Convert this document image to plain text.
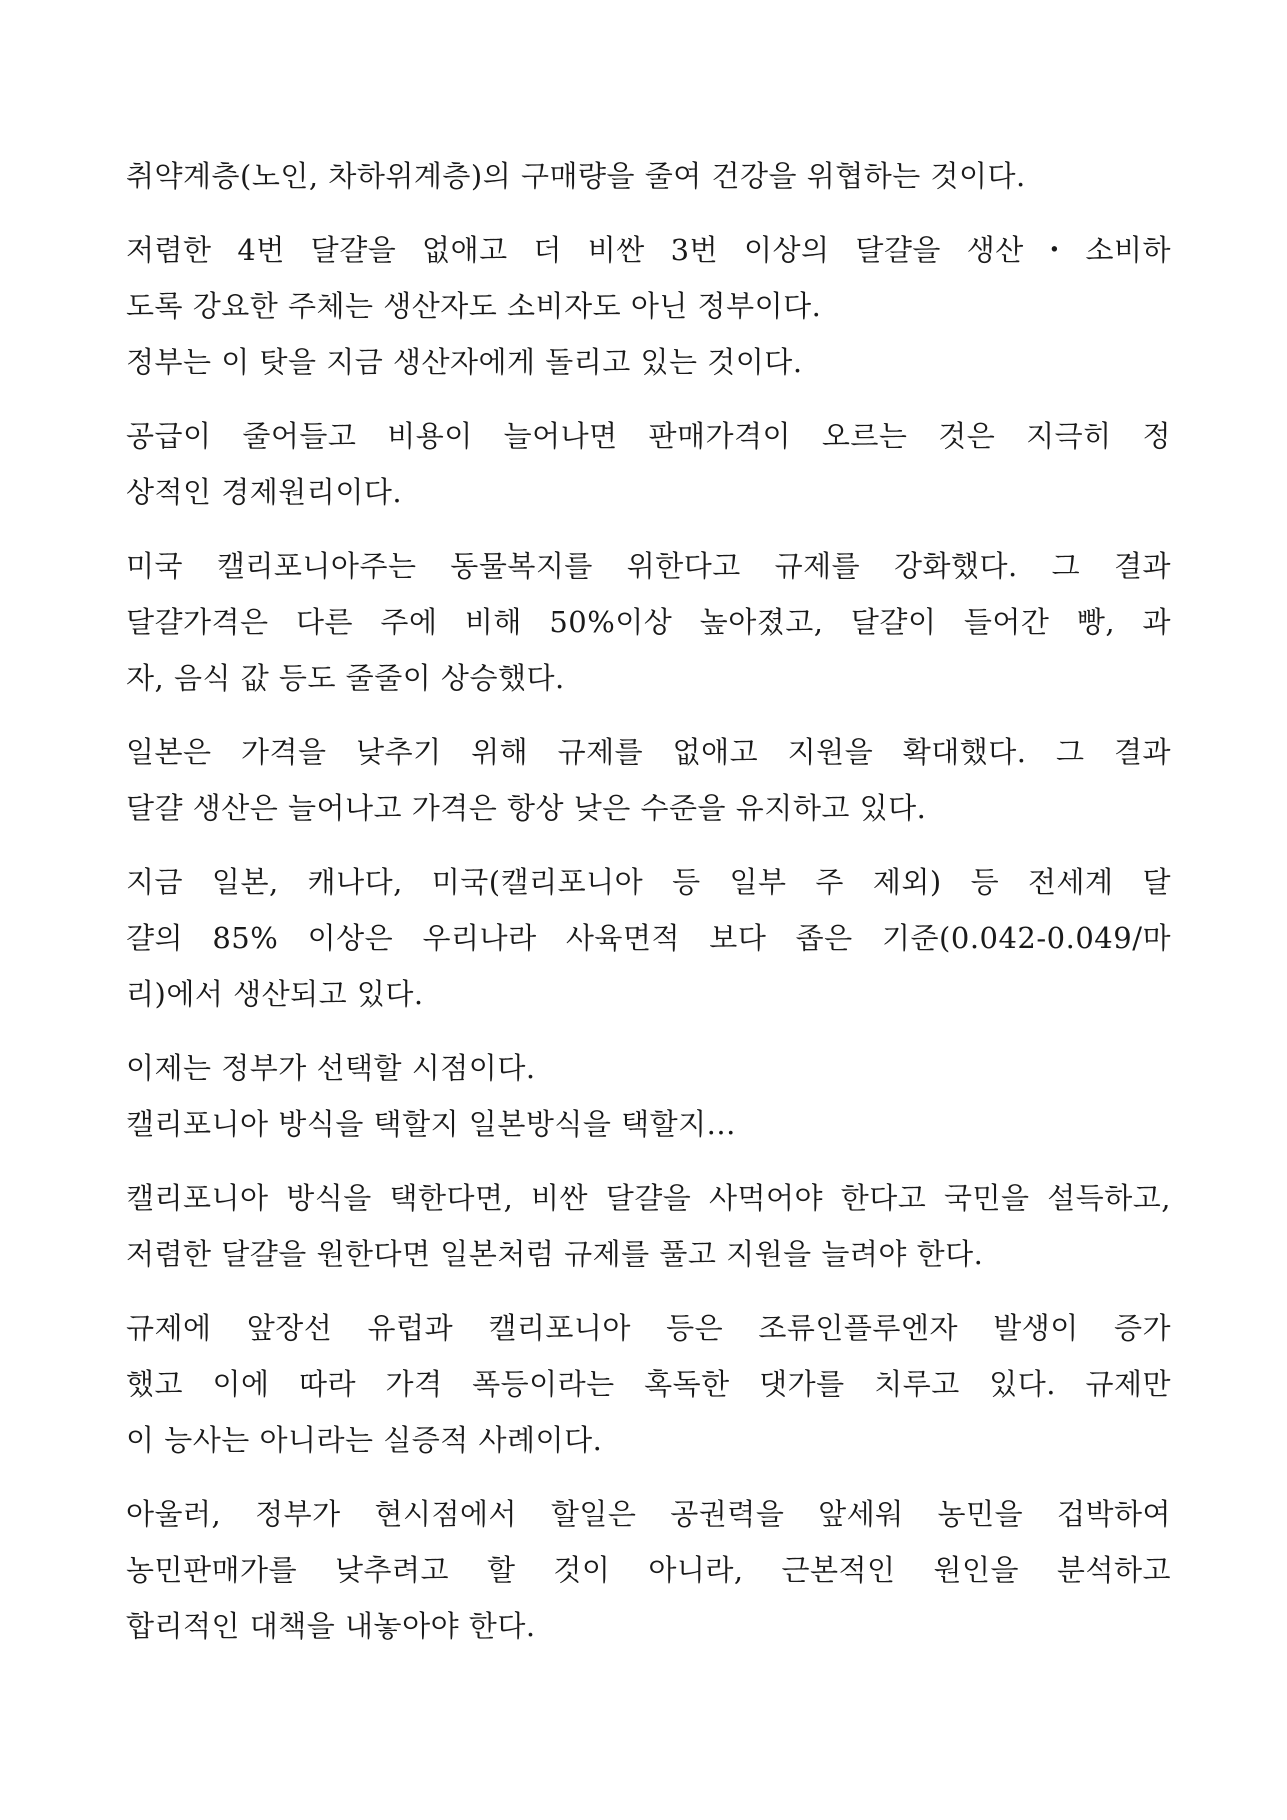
취약계층(노인, 차하위계층)의 구매량을 줄여 건강을 위협하는 것이다.
저렴한 4번 달걀을 없애고 더 비싼 3번 이상의 달걀을 생산・소비하
도록 강요한 주체는 생산자도 소비자도 아닌 정부이다.
정부는 이 탓을 지금 생산자에게 돌리고 있는 것이다.
공급이 줄어들고 비용이 늘어나면 판매가격이 오르는 것은 지극히 정
상적인 경제원리이다.
미국 캘리포니아주는 동물복지를 위한다고 규제를 강화했다. 그 결과
달걀가격은 다른 주에 비해 50%이상 높아졌고, 달걀이 들어간 빵, 과
자, 음식 값 등도 줄줄이 상승했다.
일본은 가격을 낮추기 위해 규제를 없애고 지원을 확대했다. 그 결과
달걀 생산은 늘어나고 가격은 항상 낮은 수준을 유지하고 있다.
지금 일본, 캐나다, 미국(캘리포니아 등 일부 주 제외) 등 전세계 달
걀의 85% 이상은 우리나라 사육면적 보다 좁은 기준(0.042-0.049/마
리)에서 생산되고 있다.
이제는 정부가 선택할 시점이다.
캘리포니아 방식을 택할지 일본방식을 택할지...
캘리포니아 방식을 택한다면, 비싼 달걀을 사먹어야 한다고 국민을 설득하고,
저렴한 달걀을 원한다면 일본처럼 규제를 풀고 지원을 늘려야 한다.
규제에 앞장선 유럽과 캘리포니아 등은 조류인플루엔자 발생이 증가
했고 이에 따라 가격 폭등이라는 혹독한 댓가를 치루고 있다. 규제만
이 능사는 아니라는 실증적 사례이다.
아울러, 정부가 현시점에서 할일은 공권력을 앞세워 농민을 겁박하여
농민판매가를 낮추려고 할 것이 아니라, 근본적인 원인을 분석하고
합리적인 대책을 내놓아야 한다.
